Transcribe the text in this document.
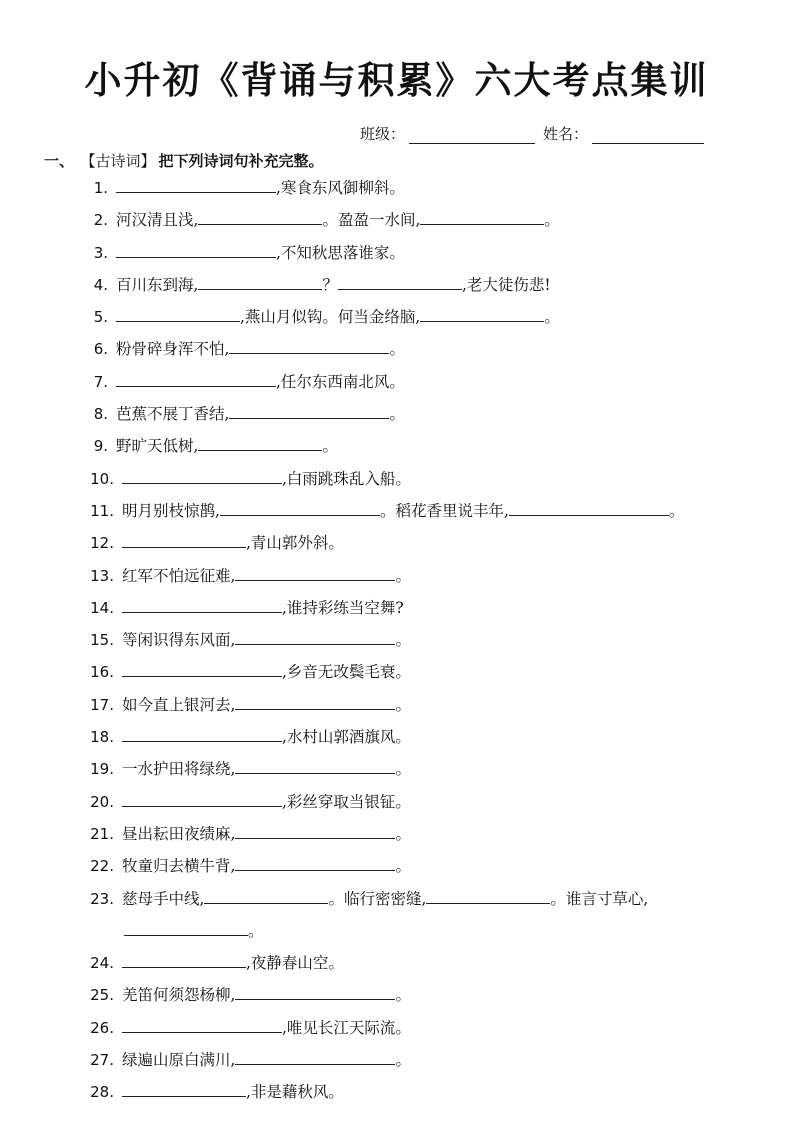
小升初《背诵与积累》六大考点集训
班级：	姓名：
一、 【古诗词】 把下列诗词句补充完整。
1.	,寒食东风御柳斜。
2. 河汉清且浅,	。盈盈一水间,	。
3.	,不知秋思落谁家。
4. 百川东到海,	？	,老大徒伤悲!
5.	,燕山月似钩。何当金络脑,	。
6. 粉骨碎身浑不怕,	。
7.	,任尔东西南北风。
8. 芭蕉不展丁香结,	。
9. 野旷天低树,	。
10.	,白雨跳珠乱入船。
11. 明月别枝惊鹊,	。稻花香里说丰年,	。
12.	,青山郭外斜。
13. 红军不怕远征难,	。
14.	,谁持彩练当空舞?
15. 等闲识得东风面,	。
16.	,乡音无改鬓毛衰。
17. 如今直上银河去,	。
18.	,水村山郭酒旗风。
19. 一水护田将绿绕,	。
20.	,彩丝穿取当银钲。
21. 昼出耘田夜绩麻,	。
22. 牧童归去横牛背,	。
23. 慈母手中线,	。临行密密缝,	。谁言寸草心,
。
24.	,夜静春山空。
25. 羌笛何须怨杨柳,	。
26.	,唯见长江天际流。
27. 绿遍山原白满川,	。
28.	,非是藉秋风。
